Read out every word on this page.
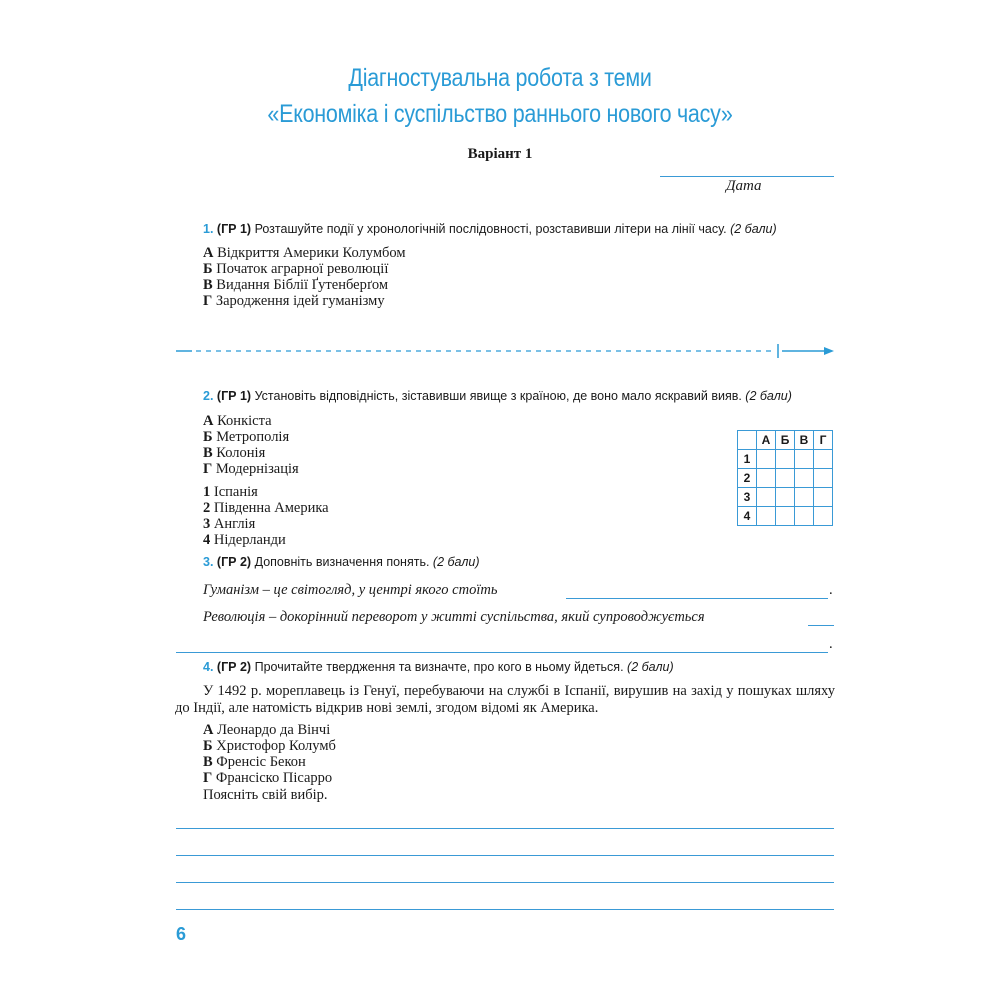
Діагностувальна робота з теми
«Економіка і суспільство раннього нового часу»
Варіант 1
Дата
1. (ГР 1) Розташуйте події у хронологічній послідовності, розставивши літери на лінії часу. (2 бали)
А Відкриття Америки Колумбом
Б Початок аграрної революції
В Видання Біблії Ґутенберґом
Г Зародження ідей гуманізму
2. (ГР 1) Установіть відповідність, зіставивши явище з країною, де воно мало яскравий вияв. (2 бали)
А Конкіста
Б Метрополія
В Колонія
Г Модернізація
1 Іспанія
2 Південна Америка
3 Англія
4 Нідерланди
	А	Б	В	Г
1				
2				
3				
4				
3. (ГР 2) Доповніть визначення понять. (2 бали)
Гуманізм – це світогляд, у центрі якого стоїть	.
Революція – докорінний переворот у житті суспільства, який супроводжується
.
4. (ГР 2) Прочитайте твердження та визначте, про кого в ньому йдеться. (2 бали)
У 1492 р. мореплавець із Генуї, перебуваючи на службі в Іспанії, вирушив на захід у пошуках шляху до Індії, але натомість відкрив нові землі, згодом відомі як Америка.
А Леонардо да Вінчі
Б Христофор Колумб
В Френсіс Бекон
Г Франсіско Пісарро
Поясніть свій вибір.
6
